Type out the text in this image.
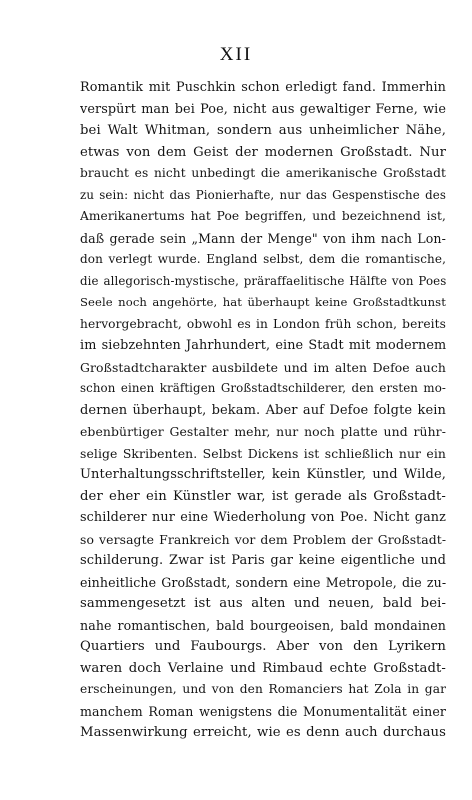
XII
Romantik mit Puschkin schon erledigt fand. Immerhin
verspürt man bei Poe, nicht aus gewaltiger Ferne, wie
bei Walt Whitman, sondern aus unheimlicher Nähe,
etwas von dem Geist der modernen Großstadt. Nur
braucht es nicht unbedingt die amerikanische Großstadt
zu sein: nicht das Pionierhafte, nur das Gespenstische des
Amerikanertums hat Poe begriffen, und bezeichnend ist,
daß gerade sein „Mann der Menge" von ihm nach Lon-
don verlegt wurde. England selbst, dem die romantische,
die allegorisch-mystische, präraffaelitische Hälfte von Poes
Seele noch angehörte, hat überhaupt keine Großstadtkunst
hervorgebracht, obwohl es in London früh schon, bereits
im siebzehnten Jahrhundert, eine Stadt mit modernem
Großstadtcharakter ausbildete und im alten Defoe auch
schon einen kräftigen Großstadtschilderer, den ersten mo-
dernen überhaupt, bekam. Aber auf Defoe folgte kein
ebenbürtiger Gestalter mehr, nur noch platte und rühr-
selige Skribenten. Selbst Dickens ist schließlich nur ein
Unterhaltungsschriftsteller, kein Künstler, und Wilde,
der eher ein Künstler war, ist gerade als Großstadt-
schilderer nur eine Wiederholung von Poe. Nicht ganz
so versagte Frankreich vor dem Problem der Großstadt-
schilderung. Zwar ist Paris gar keine eigentliche und
einheitliche Großstadt, sondern eine Metropole, die zu-
sammengesetzt ist aus alten und neuen, bald bei-
nahe romantischen, bald bourgeoisen, bald mondainen
Quartiers und Faubourgs. Aber von den Lyrikern
waren doch Verlaine und Rimbaud echte Großstadt-
erscheinungen, und von den Romanciers hat Zola in gar
manchem Roman wenigstens die Monumentalität einer
Massenwirkung erreicht, wie es denn auch durchaus
